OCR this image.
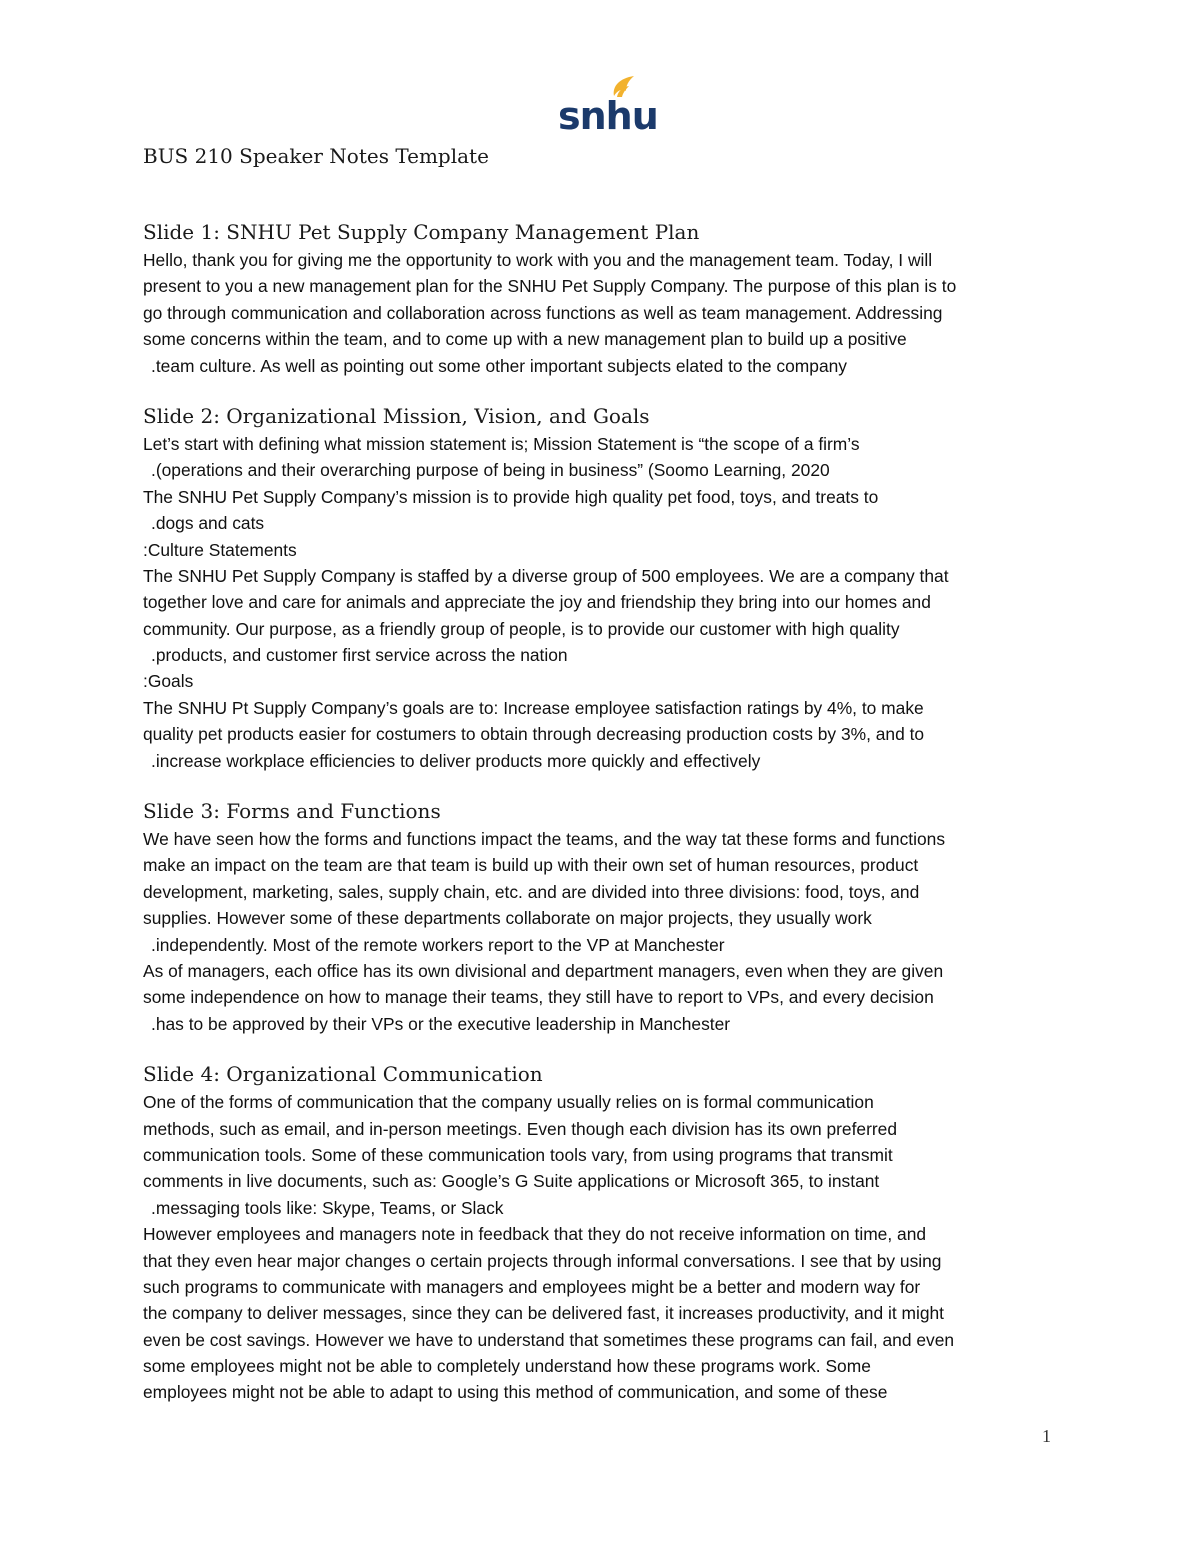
snhu
BUS 210 Speaker Notes Template
Slide 1: SNHU Pet Supply Company Management Plan
Hello, thank you for giving me the opportunity to work with you and the management team. Today, I will
present to you a new management plan for the SNHU Pet Supply Company. The purpose of this plan is to
go through communication and collaboration across functions as well as team management. Addressing
some concerns within the team, and to come up with a new management plan to build up a positive
.team culture. As well as pointing out some other important subjects elated to the company
Slide 2: Organizational Mission, Vision, and Goals
Let’s start with defining what mission statement is; Mission Statement is “the scope of a firm’s
.(operations and their overarching purpose of being in business” (Soomo Learning, 2020
The SNHU Pet Supply Company’s mission is to provide high quality pet food, toys, and treats to
.dogs and cats
:Culture Statements
The SNHU Pet Supply Company is staffed by a diverse group of 500 employees. We are a company that
together love and care for animals and appreciate the joy and friendship they bring into our homes and
community. Our purpose, as a friendly group of people, is to provide our customer with high quality
.products, and customer first service across the nation
:Goals
The SNHU Pt Supply Company’s goals are to: Increase employee satisfaction ratings by 4%, to make
quality pet products easier for costumers to obtain through decreasing production costs by 3%, and to
.increase workplace efficiencies to deliver products more quickly and effectively
Slide 3: Forms and Functions
We have seen how the forms and functions impact the teams, and the way tat these forms and functions
make an impact on the team are that team is build up with their own set of human resources, product
development, marketing, sales, supply chain, etc. and are divided into three divisions: food, toys, and
supplies. However some of these departments collaborate on major projects, they usually work
.independently. Most of the remote workers report to the VP at Manchester
As of managers, each office has its own divisional and department managers, even when they are given
some independence on how to manage their teams, they still have to report to VPs, and every decision
.has to be approved by their VPs or the executive leadership in Manchester
Slide 4: Organizational Communication
One of the forms of communication that the company usually relies on is formal communication
methods, such as email, and in-person meetings. Even though each division has its own preferred
communication tools. Some of these communication tools vary, from using programs that transmit
comments in live documents, such as: Google’s G Suite applications or Microsoft 365, to instant
.messaging tools like: Skype, Teams, or Slack
However employees and managers note in feedback that they do not receive information on time, and
that they even hear major changes o certain projects through informal conversations. I see that by using
such programs to communicate with managers and employees might be a better and modern way for
the company to deliver messages, since they can be delivered fast, it increases productivity, and it might
even be cost savings. However we have to understand that sometimes these programs can fail, and even
some employees might not be able to completely understand how these programs work. Some
employees might not be able to adapt to using this method of communication, and some of these
1
